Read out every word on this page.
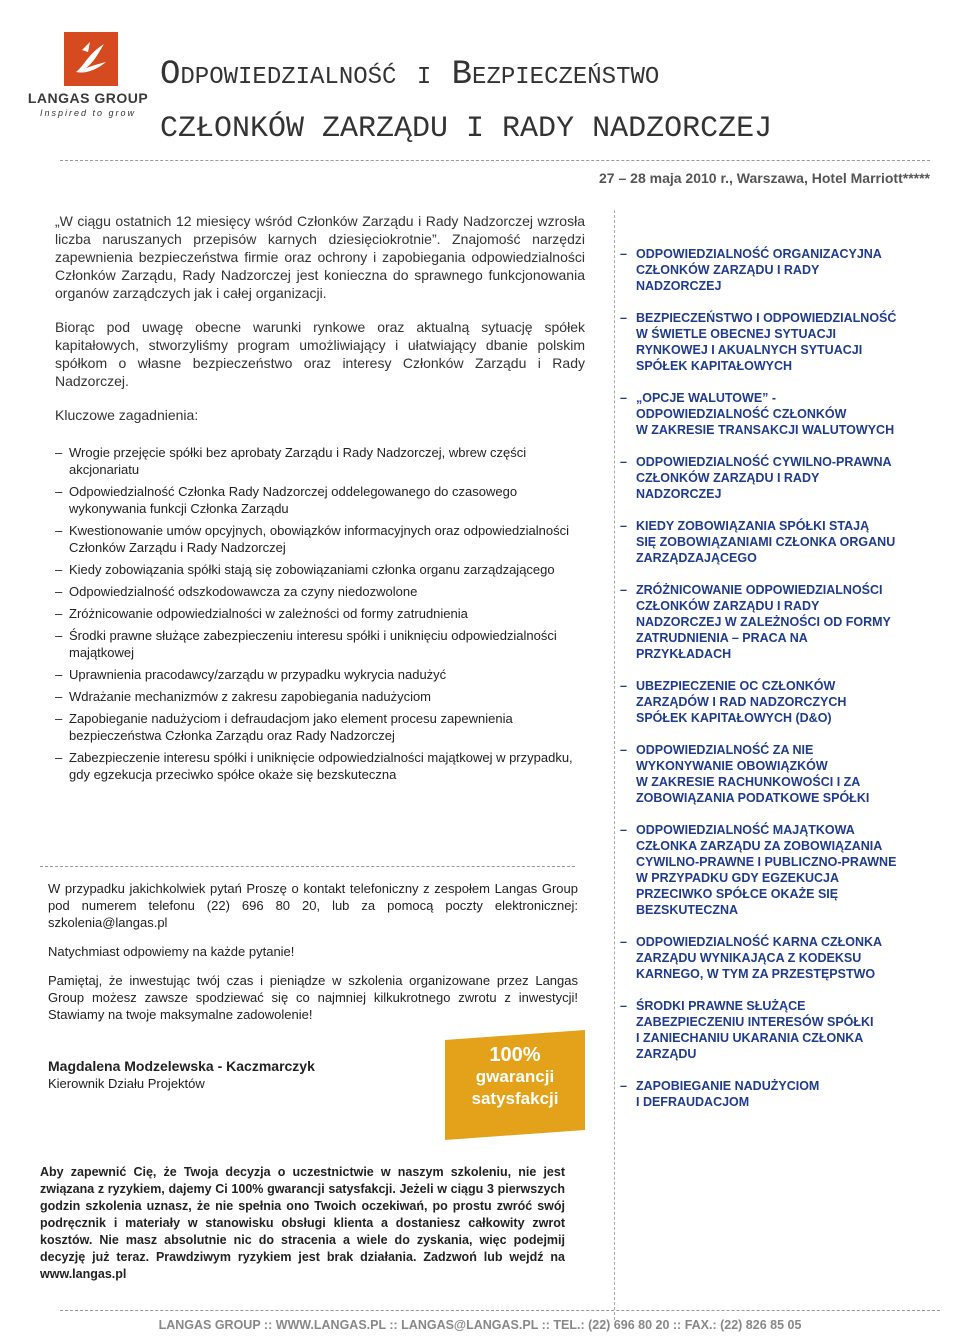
LANGAS GROUP
Inspired to grow
Odpowiedzialność i Bezpieczeństwo
CZŁONKÓW ZARZĄDU I RADY NADZORCZEJ
27 – 28 maja 2010 r., Warszawa, Hotel Marriott*****

„W ciągu ostatnich 12 miesięcy wśród Członków Zarządu i Rady Nadzorczej wzrosła liczba naruszanych przepisów karnych dziesięciokrotnie”. Znajomość narzędzi zapewnienia bezpieczeństwa firmie oraz ochrony i zapobiegania odpowiedzialności Członków Zarządu, Rady Nadzorczej jest konieczna do sprawnego funkcjonowania organów zarządczych jak i całej organizacji.

Biorąc pod uwagę obecne warunki rynkowe oraz aktualną sytuację spółek kapitałowych, stworzyliśmy program umożliwiający i ułatwiający dbanie polskim spółkom o własne bezpieczeństwo oraz interesy Członków Zarządu i Rady Nadzorczej.

Kluczowe zagadnienia:

– Wrogie przejęcie spółki bez aprobaty Zarządu i Rady Nadzorczej, wbrew części akcjonariatu
– Odpowiedzialność Członka Rady Nadzorczej oddelegowanego do czasowego wykonywania funkcji Członka Zarządu
– Kwestionowanie umów opcyjnych, obowiązków informacyjnych oraz odpowiedzialności Członków Zarządu i Rady Nadzorczej
– Kiedy zobowiązania spółki stają się zobowiązaniami członka organu zarządzającego
– Odpowiedzialność odszkodowawcza za czyny niedozwolone
– Zróżnicowanie odpowiedzialności w zależności od formy zatrudnienia
– Środki prawne służące zabezpieczeniu interesu spółki i uniknięciu odpowiedzialności majątkowej
– Uprawnienia pracodawcy/zarządu w przypadku wykrycia nadużyć
– Wdrażanie mechanizmów z zakresu zapobiegania nadużyciom
– Zapobieganie nadużyciom i defraudacjom jako element procesu zapewnienia bezpieczeństwa Członka Zarządu oraz Rady Nadzorczej
– Zabezpieczenie interesu spółki i uniknięcie odpowiedzialności majątkowej w przypadku, gdy egzekucja przeciwko spółce okaże się bezskuteczna

W przypadku jakichkolwiek pytań Proszę o kontakt telefoniczny z zespołem Langas Group pod numerem telefonu (22) 696 80 20, lub za pomocą poczty elektronicznej: szkolenia@langas.pl

Natychmiast odpowiemy na każde pytanie!

Pamiętaj, że inwestując twój czas i pieniądze w szkolenia organizowane przez Langas Group możesz zawsze spodziewać się co najmniej kilkukrotnego zwrotu z inwestycji! Stawiamy na twoje maksymalne zadowolenie!

Magdalena Modzelewska - Kaczmarczyk
Kierownik Działu Projektów
100%
gwarancji
satysfakcji
Aby zapewnić Cię, że Twoja decyzja o uczestnictwie w naszym szkoleniu, nie jest związana z ryzykiem, dajemy Ci 100% gwarancji satysfakcji. Jeżeli w ciągu 3 pierwszych godzin szkolenia uznasz, że nie spełnia ono Twoich oczekiwań, po prostu zwróć swój podręcznik i materiały w stanowisku obsługi klienta a dostaniesz całkowity zwrot kosztów. Nie masz absolutnie nic do stracenia a wiele do zyskania, więc podejmij decyzję już teraz. Prawdziwym ryzykiem jest brak działania. Zadzwoń lub wejdź na www.langas.pl
– ODPOWIEDZIALNOŚĆ ORGANIZACYJNA
CZŁONKÓW ZARZĄDU I RADY
NADZORCZEJ
– BEZPIECZEŃSTWO I ODPOWIEDZIALNOŚĆ
W ŚWIETLE OBECNEJ SYTUACJI
RYNKOWEJ I AKUALNYCH SYTUACJI
SPÓŁEK KAPITAŁOWYCH
– „OPCJE WALUTOWE” -
ODPOWIEDZIALNOŚĆ CZŁONKÓW
W ZAKRESIE TRANSAKCJI WALUTOWYCH
– ODPOWIEDZIALNOŚĆ CYWILNO-PRAWNA
CZŁONKÓW ZARZĄDU I RADY
NADZORCZEJ
– KIEDY ZOBOWIĄZANIA SPÓŁKI STAJĄ
SIĘ ZOBOWIĄZANIAMI CZŁONKA ORGANU
ZARZĄDZAJĄCEGO
– ZRÓŻNICOWANIE ODPOWIEDZIALNOŚCI
CZŁONKÓW ZARZĄDU I RADY
NADZORCZEJ W ZALEŻNOŚCI OD FORMY
ZATRUDNIENIA – PRACA NA
PRZYKŁADACH
– UBEZPIECZENIE OC CZŁONKÓW
ZARZĄDÓW I RAD NADZORCZYCH
SPÓŁEK KAPITAŁOWYCH (D&O)
– ODPOWIEDZIALNOŚĆ ZA NIE
WYKONYWANIE OBOWIĄZKÓW
W ZAKRESIE RACHUNKOWOŚCI I ZA
ZOBOWIĄZANIA PODATKOWE SPÓŁKI
– ODPOWIEDZIALNOŚĆ MAJĄTKOWA
CZŁONKA ZARZĄDU ZA ZOBOWIĄZANIA
CYWILNO-PRAWNE I PUBLICZNO-PRAWNE
W PRZYPADKU GDY EGZEKUCJA
PRZECIWKO SPÓŁCE OKAŻE SIĘ
BEZSKUTECZNA
– ODPOWIEDZIALNOŚĆ KARNA CZŁONKA
ZARZĄDU WYNIKAJĄCA Z KODEKSU
KARNEGO, W TYM ZA PRZESTĘPSTWO
– ŚRODKI PRAWNE SŁUŻĄCE
ZABEZPIECZENIU INTERESÓW SPÓŁKI
I ZANIECHANIU UKARANIA CZŁONKA
ZARZĄDU
– ZAPOBIEGANIE NADUŻYCIOM
I DEFRAUDACJOM
LANGAS GROUP :: WWW.LANGAS.PL :: LANGAS@LANGAS.PL :: TEL.: (22) 696 80 20 :: FAX.: (22) 826 85 05
